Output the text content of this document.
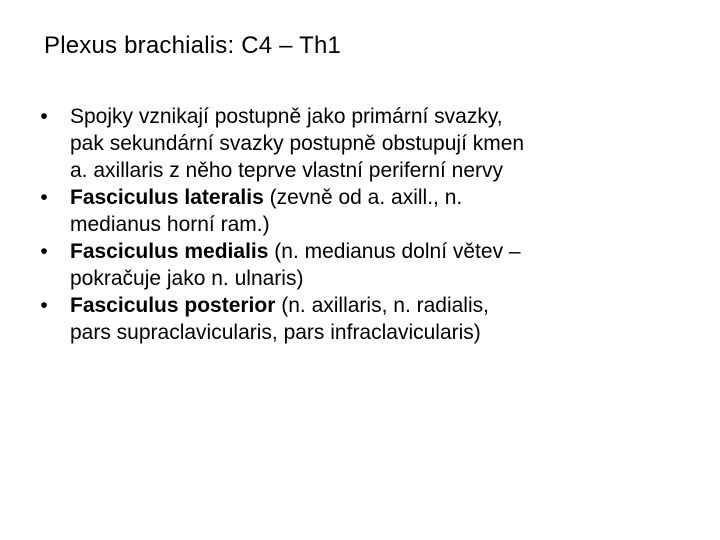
Plexus brachialis: C4 – Th1
•	Spojky vznikají postupně jako primární svazky,
pak sekundární svazky postupně obstupují kmen
a. axillaris z něho teprve vlastní periferní nervy
•	Fasciculus lateralis (zevně od a. axill., n.
medianus horní ram.)
•	Fasciculus medialis (n. medianus dolní větev –
pokračuje jako n. ulnaris)
•	Fasciculus posterior (n. axillaris, n. radialis,
pars supraclavicularis, pars infraclavicularis)
